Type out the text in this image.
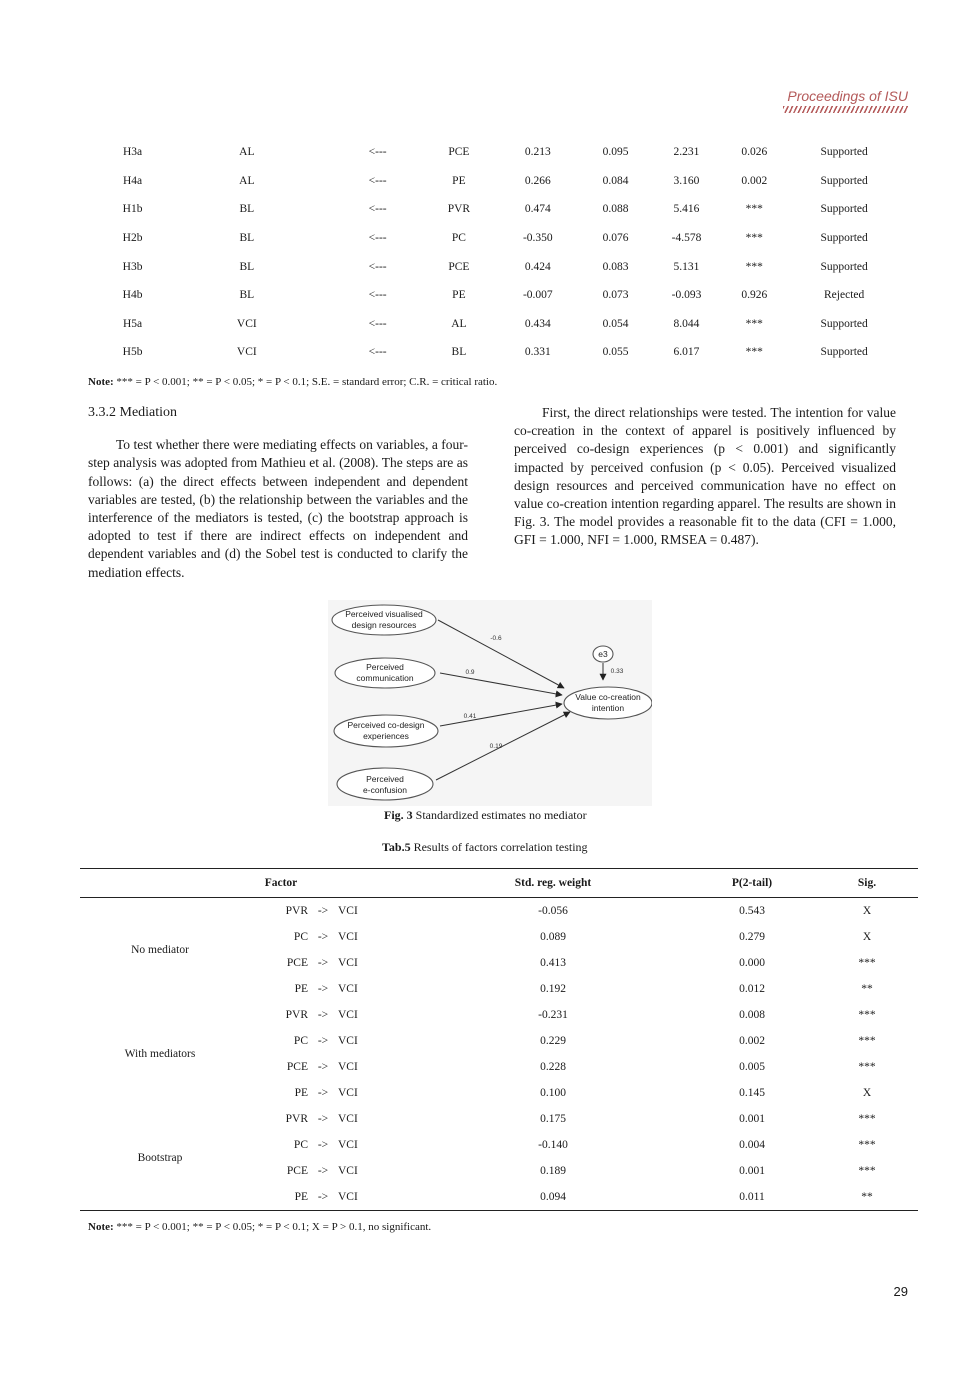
Proceedings of ISU
H3a	AL	<---	PCE	0.213	0.095	2.231	0.026	Supported
H4a	AL	<---	PE	0.266	0.084	3.160	0.002	Supported
H1b	BL	<---	PVR	0.474	0.088	5.416	***	Supported
H2b	BL	<---	PC	-0.350	0.076	-4.578	***	Supported
H3b	BL	<---	PCE	0.424	0.083	5.131	***	Supported
H4b	BL	<---	PE	-0.007	0.073	-0.093	0.926	Rejected
H5a	VCI	<---	AL	0.434	0.054	8.044	***	Supported
H5b	VCI	<---	BL	0.331	0.055	6.017	***	Supported
Note: *** = P < 0.001; ** = P < 0.05; * = P < 0.1; S.E. = standard error; C.R. = critical ratio.
3.3.2 Mediation
To test whether there were mediating effects on variables, a four-step analysis was adopted from Mathieu et al. (2008). The steps are as follows: (a) the direct effects between independent and dependent variables are tested, (b) the relationship between the variables and the interference of the mediators is tested, (c) the bootstrap approach is adopted to test if there are indirect effects on independent and dependent variables and (d) the Sobel test is conducted to clarify the mediation effects.
First, the direct relationships were tested. The intention for value co-creation in the context of apparel is positively influenced by perceived co-design experiences (p < 0.001) and significantly impacted by perceived confusion (p < 0.05). Perceived visualized design resources and perceived communication have no effect on value co-creation intention regarding apparel. The results are shown in Fig. 3. The model provides a reasonable fit to the data (CFI = 1.000, GFI = 1.000, NFI = 1.000, RMSEA = 0.487).
Perceived visualised
design resources
Perceived
communication
Perceived co-design
experiences
Perceived
e-confusion
Value co-creation
intention
e3
-0.6
0.9
0.41
0.19
0.33
Fig. 3 Standardized estimates no mediator
Tab.5 Results of factors correlation testing
Factor				Std. reg. weight	P(2-tail)	Sig.
No mediator	PVR	->	VCI	-0.056	0.543	X
	PC	->	VCI	0.089	0.279	X
	PCE	->	VCI	0.413	0.000	***
	PE	->	VCI	0.192	0.012	**
With mediators	PVR	->	VCI	-0.231	0.008	***
	PC	->	VCI	0.229	0.002	***
	PCE	->	VCI	0.228	0.005	***
	PE	->	VCI	0.100	0.145	X
Bootstrap	PVR	->	VCI	0.175	0.001	***
	PC	->	VCI	-0.140	0.004	***
	PCE	->	VCI	0.189	0.001	***
	PE	->	VCI	0.094	0.011	**
Note: *** = P < 0.001; ** = P < 0.05; * = P < 0.1; X = P > 0.1, no significant.
29
